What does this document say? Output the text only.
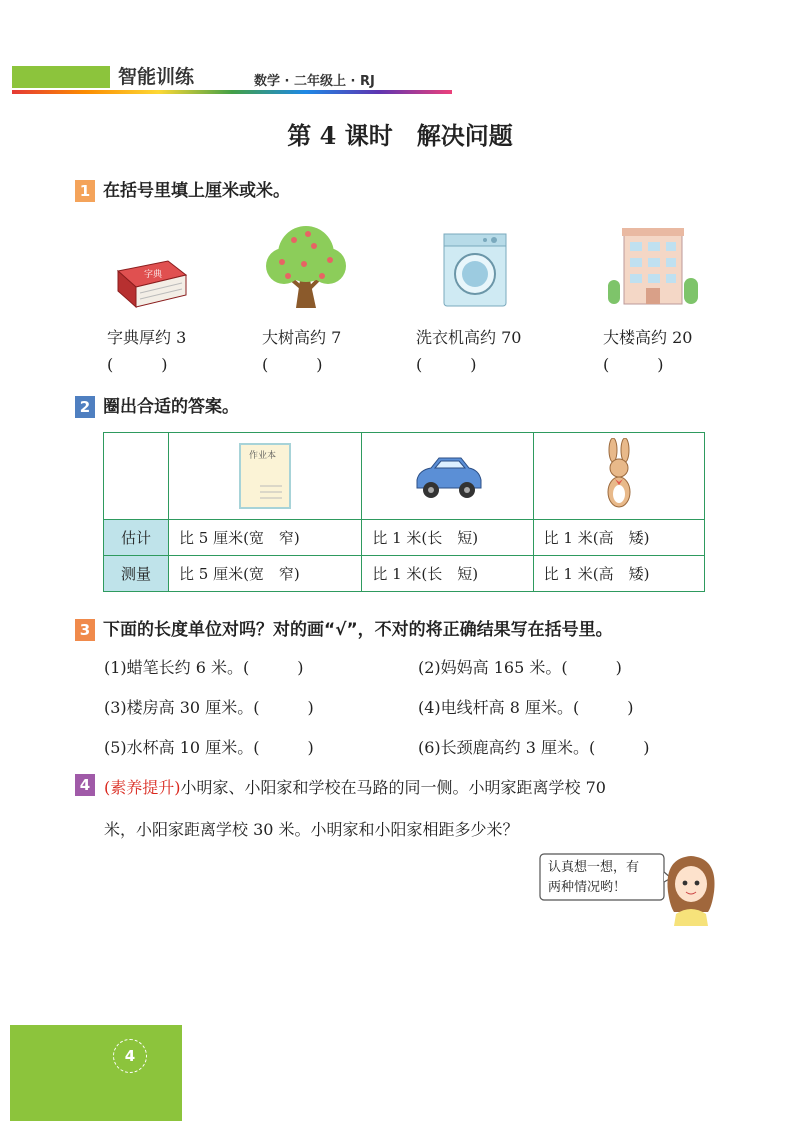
智能训练	数学 · 二年级上 · RJ
第 4 课时　解决问题
1 在括号里填上厘米或米。
字典
字典厚约 3	大树高约 7	洗衣机高约 70	大楼高约 20
(　　　)	(　　　)	(　　　)	(　　　)
2 圈出合适的答案。

作业本

估计	比 5 厘米(宽　窄)	比 1 米(长　短)	比 1 米(高　矮)
测量	比 5 厘米(宽　窄)	比 1 米(长　短)	比 1 米(高　矮)
3 下面的长度单位对吗？对的画“√”，不对的将正确结果写在括号里。
(1)蜡笔长约 6 米。(　　　)	(2)妈妈高 165 米。(　　　)
(3)楼房高 30 厘米。(　　　)	(4)电线杆高 8 厘米。(　　　)
(5)水杯高 10 厘米。(　　　)	(6)长颈鹿高约 3 厘米。(　　　)
4 (素养提升)小明家、小阳家和学校在马路的同一侧。小明家距离学校 70
米，小阳家距离学校 30 米。小明家和小阳家相距多少米？
认真想一想，有
两种情况哟！
4
